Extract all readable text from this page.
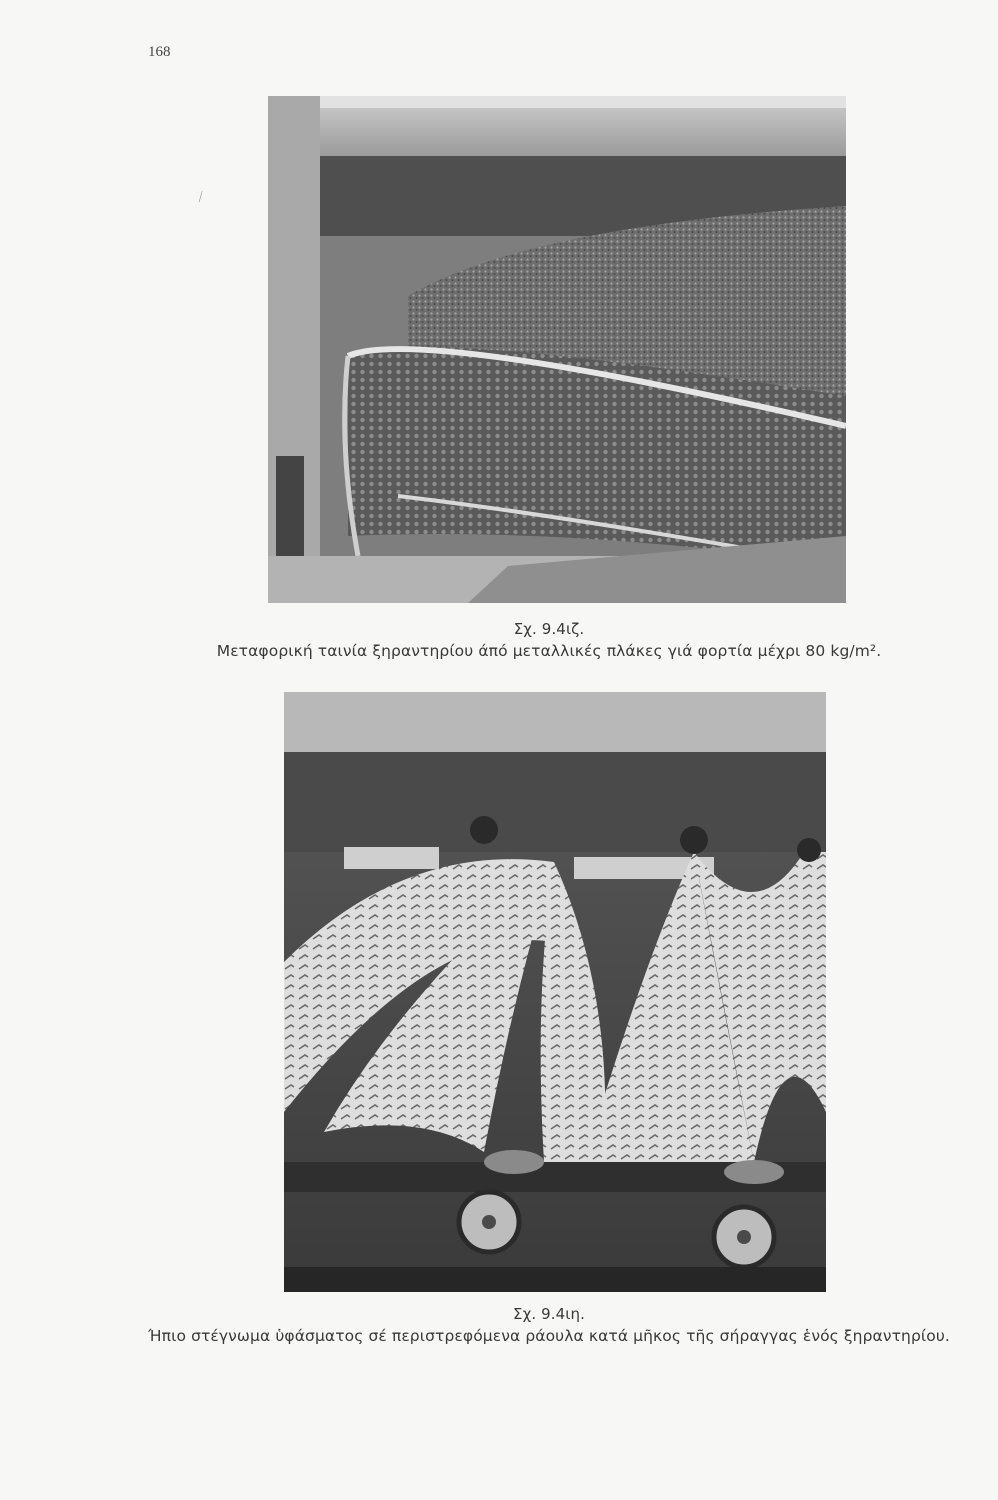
168
⁄
Σχ. 9.4ιζ.
Μεταφορική ταινία ξηραντηρίου άπό μεταλλικές πλάκες γιά φορτία μέχρι 80 kg/m².
Σχ. 9.4ιη.
Ήπιο στέγνωμα ὑφάσματος σέ περιστρεφόμενα ράουλα κατά μῆκος τῆς σήραγγας ἑνός ξηραντηρίου.
